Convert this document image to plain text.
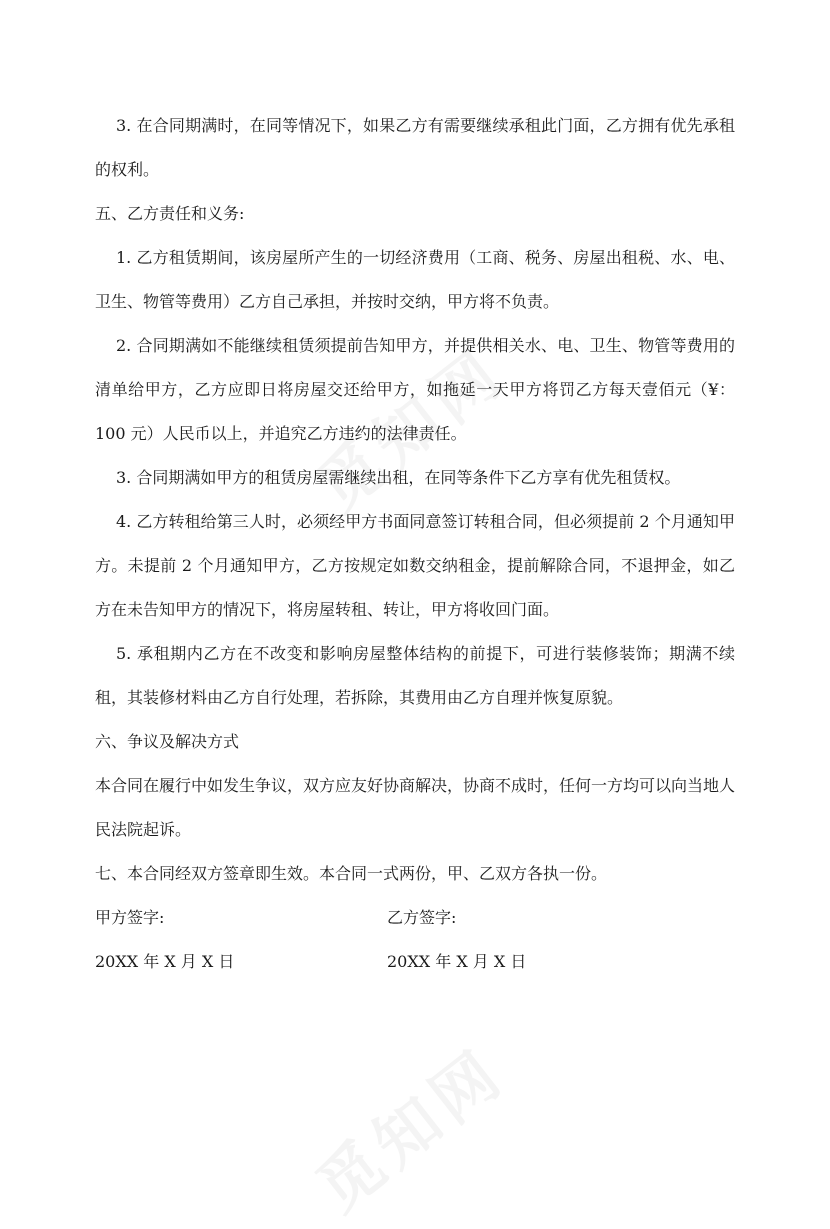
3. 在合同期满时，在同等情况下，如果乙方有需要继续承租此门面，乙方拥有优先承租的权利。

五、乙方责任和义务:

1. 乙方租赁期间，该房屋所产生的一切经济费用（工商、税务、房屋出租税、水、电、卫生、物管等费用）乙方自己承担，并按时交纳，甲方将不负责。

2. 合同期满如不能继续租赁须提前告知甲方，并提供相关水、电、卫生、物管等费用的清单给甲方，乙方应即日将房屋交还给甲方，如拖延一天甲方将罚乙方每天壹佰元（¥：100 元）人民币以上，并追究乙方违约的法律责任。

3. 合同期满如甲方的租赁房屋需继续出租，在同等条件下乙方享有优先租赁权。

4. 乙方转租给第三人时，必须经甲方书面同意签订转租合同，但必须提前 2 个月通知甲方。未提前 2 个月通知甲方，乙方按规定如数交纳租金，提前解除合同，不退押金，如乙方在未告知甲方的情况下，将房屋转租、转让，甲方将收回门面。

5. 承租期内乙方在不改变和影响房屋整体结构的前提下，可进行装修装饰；期满不续租，其装修材料由乙方自行处理，若拆除，其费用由乙方自理并恢复原貌。

六、争议及解决方式

本合同在履行中如发生争议，双方应友好协商解决，协商不成时，任何一方均可以向当地人民法院起诉。

七、本合同经双方签章即生效。本合同一式两份，甲、乙双方各执一份。

甲方签字:	乙方签字:
20XX 年 X 月 X 日	20XX 年 X 月 X 日
